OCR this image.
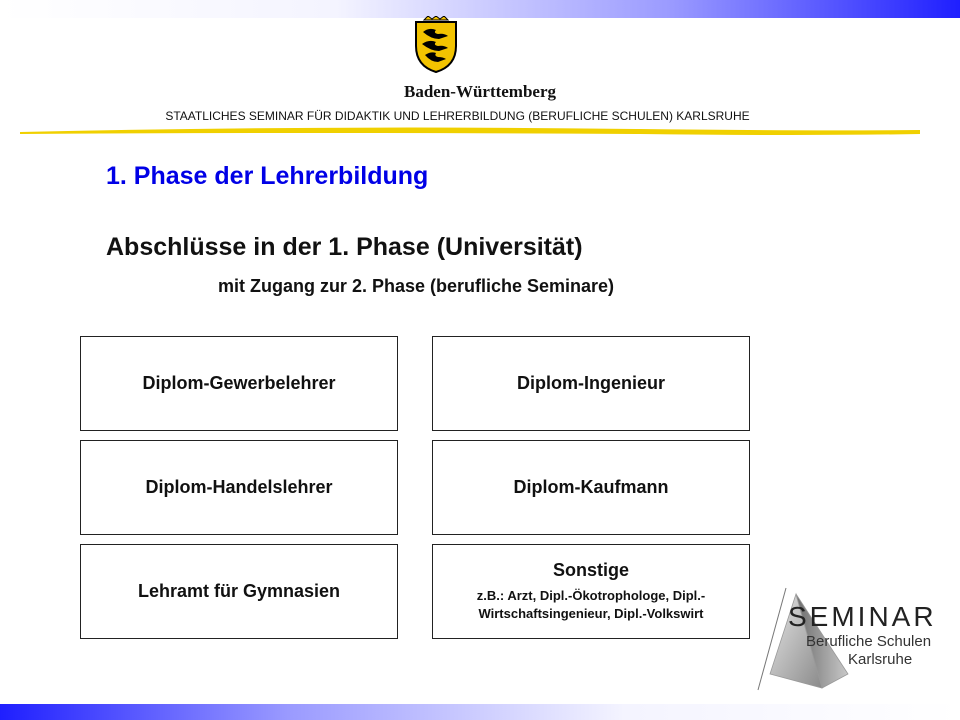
Baden-Württemberg
STAATLICHES SEMINAR FÜR DIDAKTIK UND LEHRERBILDUNG (BERUFLICHE SCHULEN) KARLSRUHE
1. Phase der Lehrerbildung
Abschlüsse in der 1. Phase (Universität)
mit Zugang zur 2. Phase (berufliche Seminare)
Diplom-Gewerbelehrer	Diplom-Ingenieur
Diplom-Handelslehrer	Diplom-Kaufmann
Lehramt für Gymnasien
Sonstige
z.B.: Arzt, Dipl.-Ökotrophologe, Dipl.-
Wirtschaftsingenieur, Dipl.-Volkswirt	SEMINAR
Berufliche Schulen
Karlsruhe
